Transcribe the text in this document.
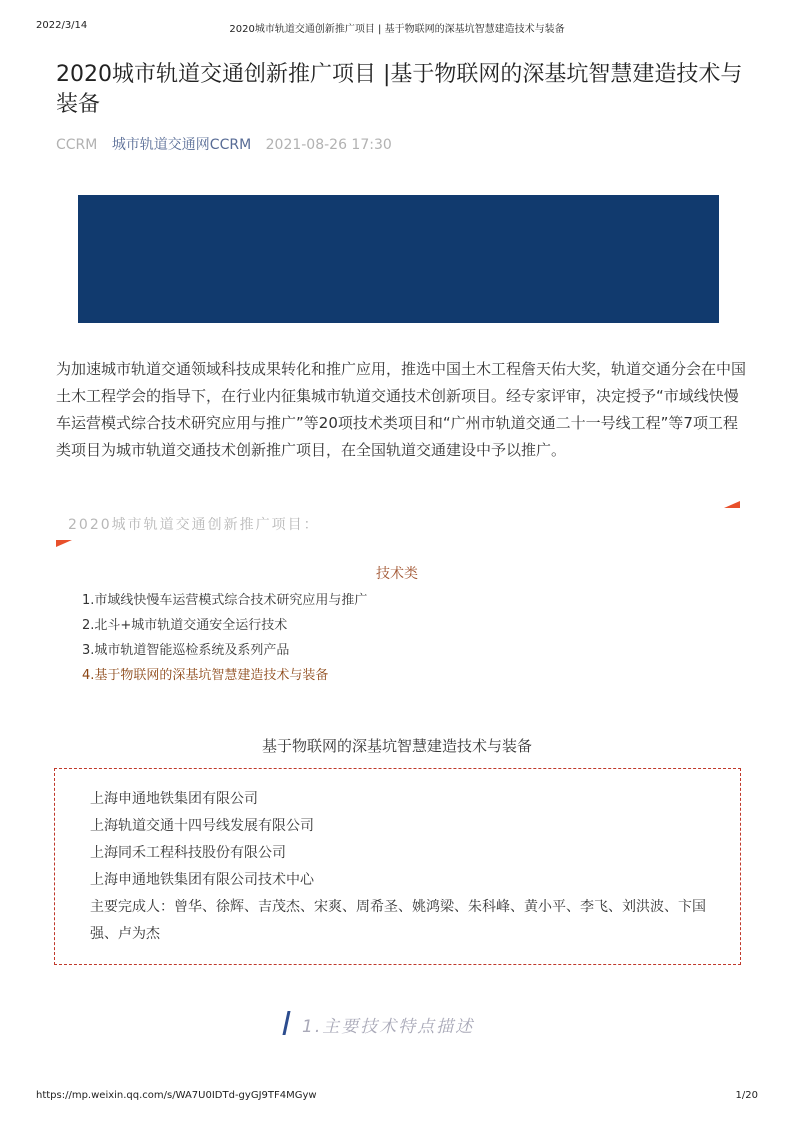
2022/3/14	2020城市轨道交通创新推广项目 | 基于物联网的深基坑智慧建造技术与装备
2020城市轨道交通创新推广项目 |基于物联网的深基坑智慧建造技术与装备
CCRM 城市轨道交通网CCRM 2021-08-26 17:30

为加速城市轨道交通领域科技成果转化和推广应用，推选中国土木工程詹天佑大奖，轨道交通分会在中国土木工程学会的指导下，在行业内征集城市轨道交通技术创新项目。经专家评审，决定授予“市域线快慢车运营模式综合技术研究应用与推广”等20项技术类项目和“广州市轨道交通二十一号线工程”等7项工程类项目为城市轨道交通技术创新推广项目，在全国轨道交通建设中予以推广。

2020城市轨道交通创新推广项目：
技术类
1.市域线快慢车运营模式综合技术研究应用与推广
2.北斗+城市轨道交通安全运行技术
3.城市轨道智能巡检系统及系列产品
4.基于物联网的深基坑智慧建造技术与装备
基于物联网的深基坑智慧建造技术与装备

上海申通地铁集团有限公司

上海轨道交通十四号线发展有限公司

上海同禾工程科技股份有限公司

上海申通地铁集团有限公司技术中心

主要完成人：曾华、徐辉、吉茂杰、宋爽、周希圣、姚鸿梁、朱科峰、黄小平、李飞、刘洪波、卞国强、卢为杰

1.主要技术特点描述
https://mp.weixin.qq.com/s/WA7U0IDTd-gyGJ9TF4MGyw	1/20
